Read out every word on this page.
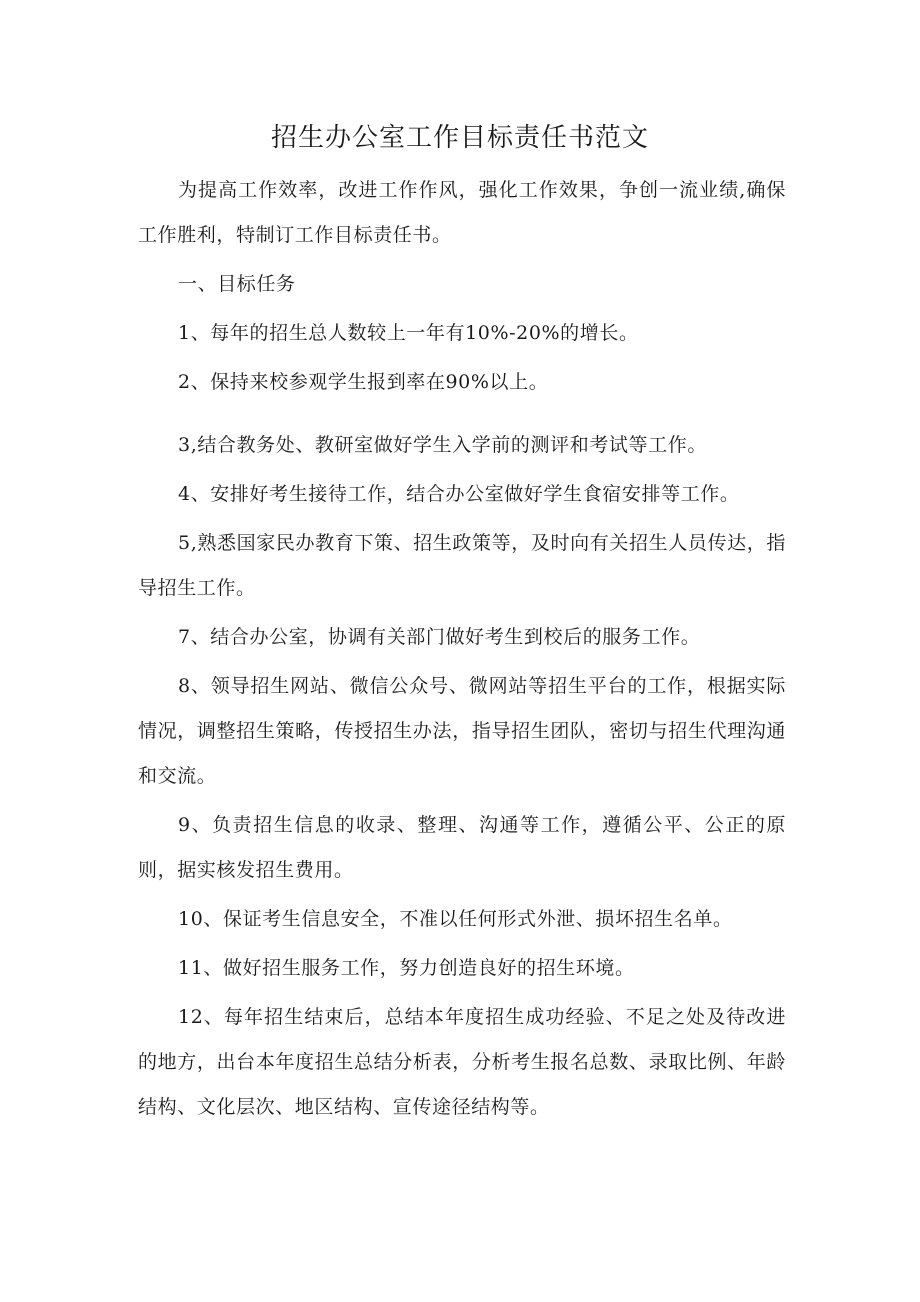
招生办公室工作目标责任书范文

为提高工作效率，改进工作作风，强化工作效果，争创一流业绩,确保工作胜利，特制订工作目标责任书。

一、目标任务

1、每年的招生总人数较上一年有10%-20%的增长。

2、保持来校参观学生报到率在90%以上。

3,结合教务处、教研室做好学生入学前的测评和考试等工作。

4、安排好考生接待工作，结合办公室做好学生食宿安排等工作。

5,熟悉国家民办教育下策、招生政策等，及时向有关招生人员传达，指导招生工作。

7、结合办公室，协调有关部门做好考生到校后的服务工作。

8、领导招生网站、微信公众号、微网站等招生平台的工作，根据实际情况，调整招生策略，传授招生办法，指导招生团队，密切与招生代理沟通和交流。

9、负责招生信息的收录、整理、沟通等工作，遵循公平、公正的原则，据实核发招生费用。

10、保证考生信息安全，不准以任何形式外泄、损坏招生名单。

11、做好招生服务工作，努力创造良好的招生环境。

12、每年招生结束后，总结本年度招生成功经验、不足之处及待改进的地方，出台本年度招生总结分析表，分析考生报名总数、录取比例、年龄结构、文化层次、地区结构、宣传途径结构等。
